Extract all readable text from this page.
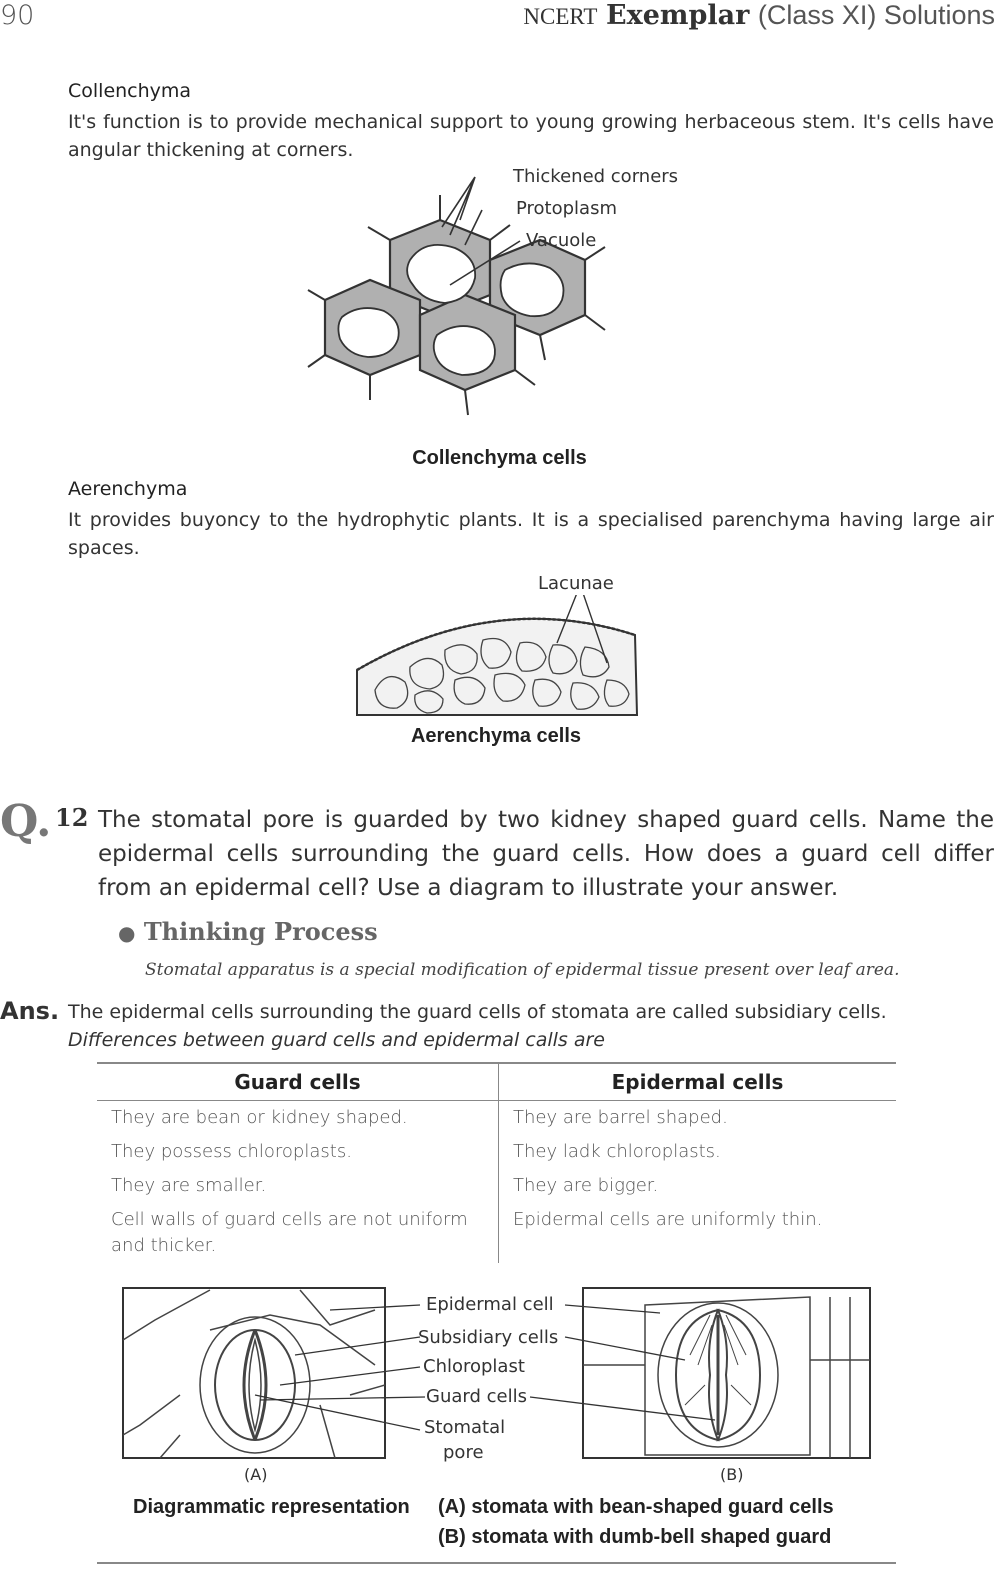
90	NCERT Exemplar (Class XI) Solutions
Collenchyma
It's function is to provide mechanical support to young growing herbaceous stem. It's cells have angular thickening at corners.
Thickened corners
Protoplasm
Vacuole
Collenchyma cells
Aerenchyma
It provides buyoncy to the hydrophytic plants. It is a specialised parenchyma having large air spaces.
Lacunae
Aerenchyma cells
Q. 12 The stomatal pore is guarded by two kidney shaped guard cells. Name the epidermal cells surrounding the guard cells. How does a guard cell differ from an epidermal cell? Use a diagram to illustrate your answer.
● Thinking Process
Stomatal apparatus is a special modification of epidermal tissue present over leaf area.
Ans. The epidermal cells surrounding the guard cells of stomata are called subsidiary cells.
Differences between guard cells and epidermal calls are
Guard cells	Epidermal cells
They are bean or kidney shaped.	They are barrel shaped.
They possess chloroplasts.	They ladk chloroplasts.
They are smaller.	They are bigger.
Cell walls of guard cells are not uniform and thicker.	Epidermal cells are uniformly thin.
Epidermal cell
Subsidiary cells
Chloroplast
Guard cells
Stomatal
pore
(A)	(B)
Diagrammatic representation (A) stomata with bean-shaped guard cells
(B) stomata with dumb-bell shaped guard
